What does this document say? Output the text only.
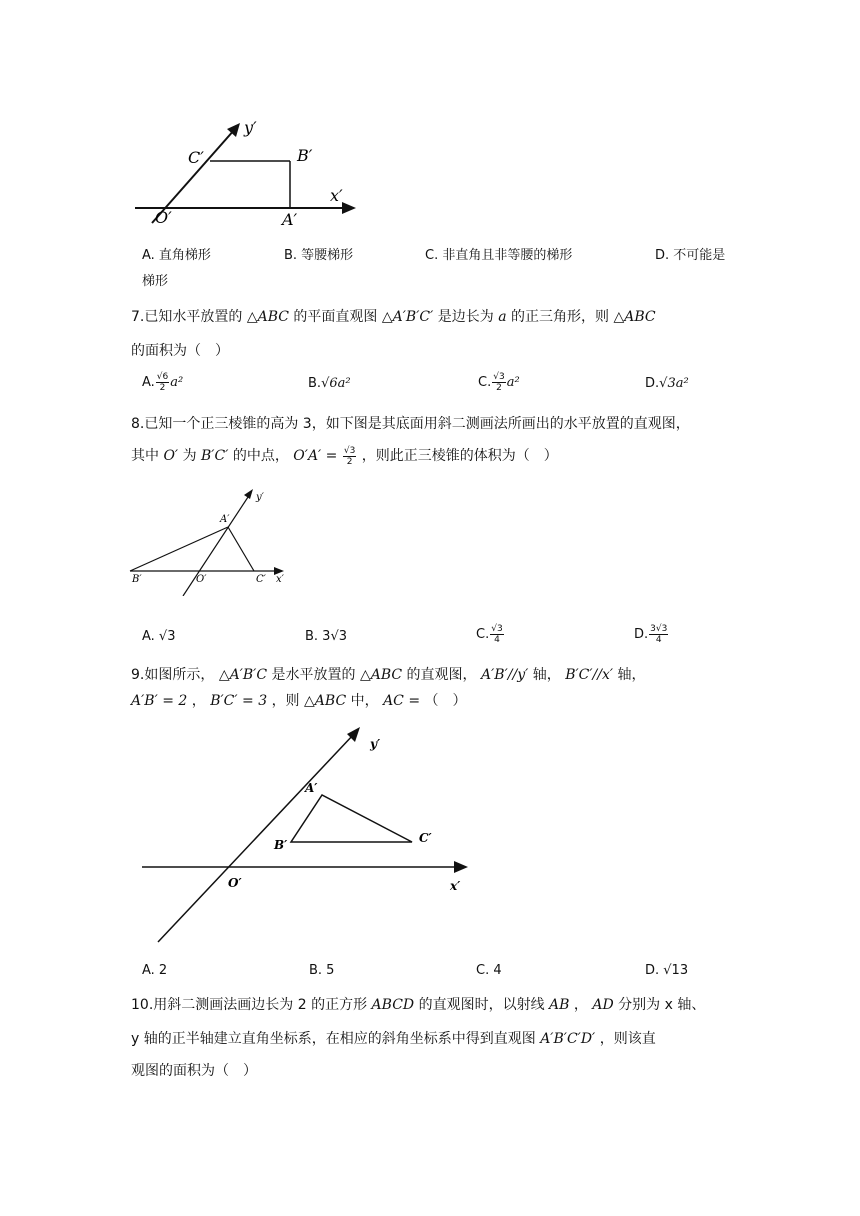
y′
x′
C′	B′
O′	A′
A. 直角梯形	B. 等腰梯形	C. 非直角且非等腰的梯形	D. 不可能是
梯形
7.已知水平放置的 △ABC 的平面直观图 △A′B′C′ 是边长为 a 的正三角形，则 △ABC
的面积为（　）
A. $\frac{√6}{2} a^2$	B.√6a²	C. $\frac{√3}{2} a^2$	D.√3a²
8.已知一个正三棱锥的高为 3，如下图是其底面用斜二测画法所画出的水平放置的直观图，
其中 O′ 为 B′C′ 的中点， $O'A' = \frac{√3}{2}$ ，则此正三棱锥的体积为（　）
y′
x′
A′
B′	O′	C′
A. √3	B. 3√3	C. $\frac{√3}{4}$	D. $\frac{3√3}{4}$
9.如图所示， △A′B′C 是水平放置的 △ABC 的直观图， A′B′//y′ 轴， B′C′//x′ 轴，
A′B′ = 2 ， B′C′ = 3 ，则 △ABC 中， AC = （　）
y′
x′
A′
B′	C′
O′
A. 2	B. 5	C. 4	D. √13
10.用斜二测画法画边长为 2 的正方形 ABCD 的直观图时，以射线 AB ， AD 分别为 x 轴、
y 轴的正半轴建立直角坐标系，在相应的斜角坐标系中得到直观图 A′B′C′D′ ，则该直
观图的面积为（　）
